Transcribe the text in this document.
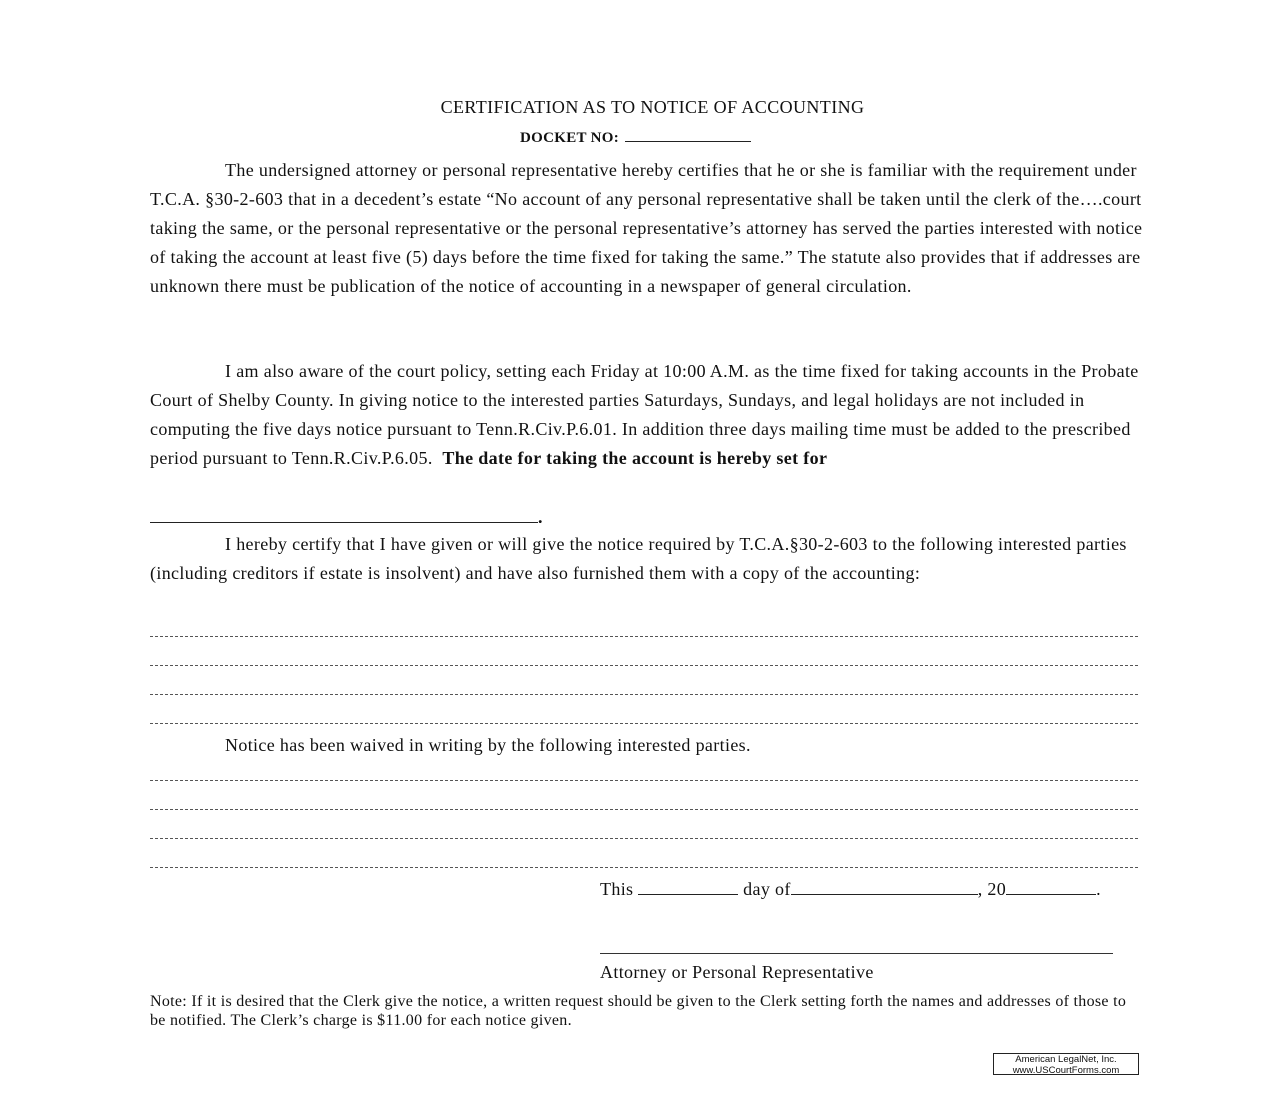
CERTIFICATION AS TO NOTICE OF ACCOUNTING
DOCKET NO:

The undersigned attorney or personal representative hereby certifies that he or she is familiar with the requirement under T.C.A. §30-2-603 that in a decedent’s estate “No account of any personal representative shall be taken until the clerk of the….court taking the same, or the personal representative or the personal representative’s attorney has served the parties interested with notice of taking the account at least five (5) days before the time fixed for taking the same.” The statute also provides that if addresses are unknown there must be publication of the notice of accounting in a newspaper of general circulation.

I am also aware of the court policy, setting each Friday at 10:00 A.M. as the time fixed for taking accounts in the Probate Court of Shelby County. In giving notice to the interested parties Saturdays, Sundays, and legal holidays are not included in computing the five days notice pursuant to Tenn.R.Civ.P.6.01. In addition three days mailing time must be added to the prescribed period pursuant to Tenn.R.Civ.P.6.05. The date for taking the account is hereby set for

.

I hereby certify that I have given or will give the notice required by T.C.A.§30-2-603 to the following interested parties (including creditors if estate is insolvent) and have also furnished them with a copy of the accounting:

Notice has been waived in writing by the following interested parties.

This	day of	, 20	.
Attorney or Personal Representative

Note: If it is desired that the Clerk give the notice, a written request should be given to the Clerk setting forth the names and addresses of those to be notified. The Clerk’s charge is $11.00 for each notice given.

American LegalNet, Inc.
www.USCourtForms.com
